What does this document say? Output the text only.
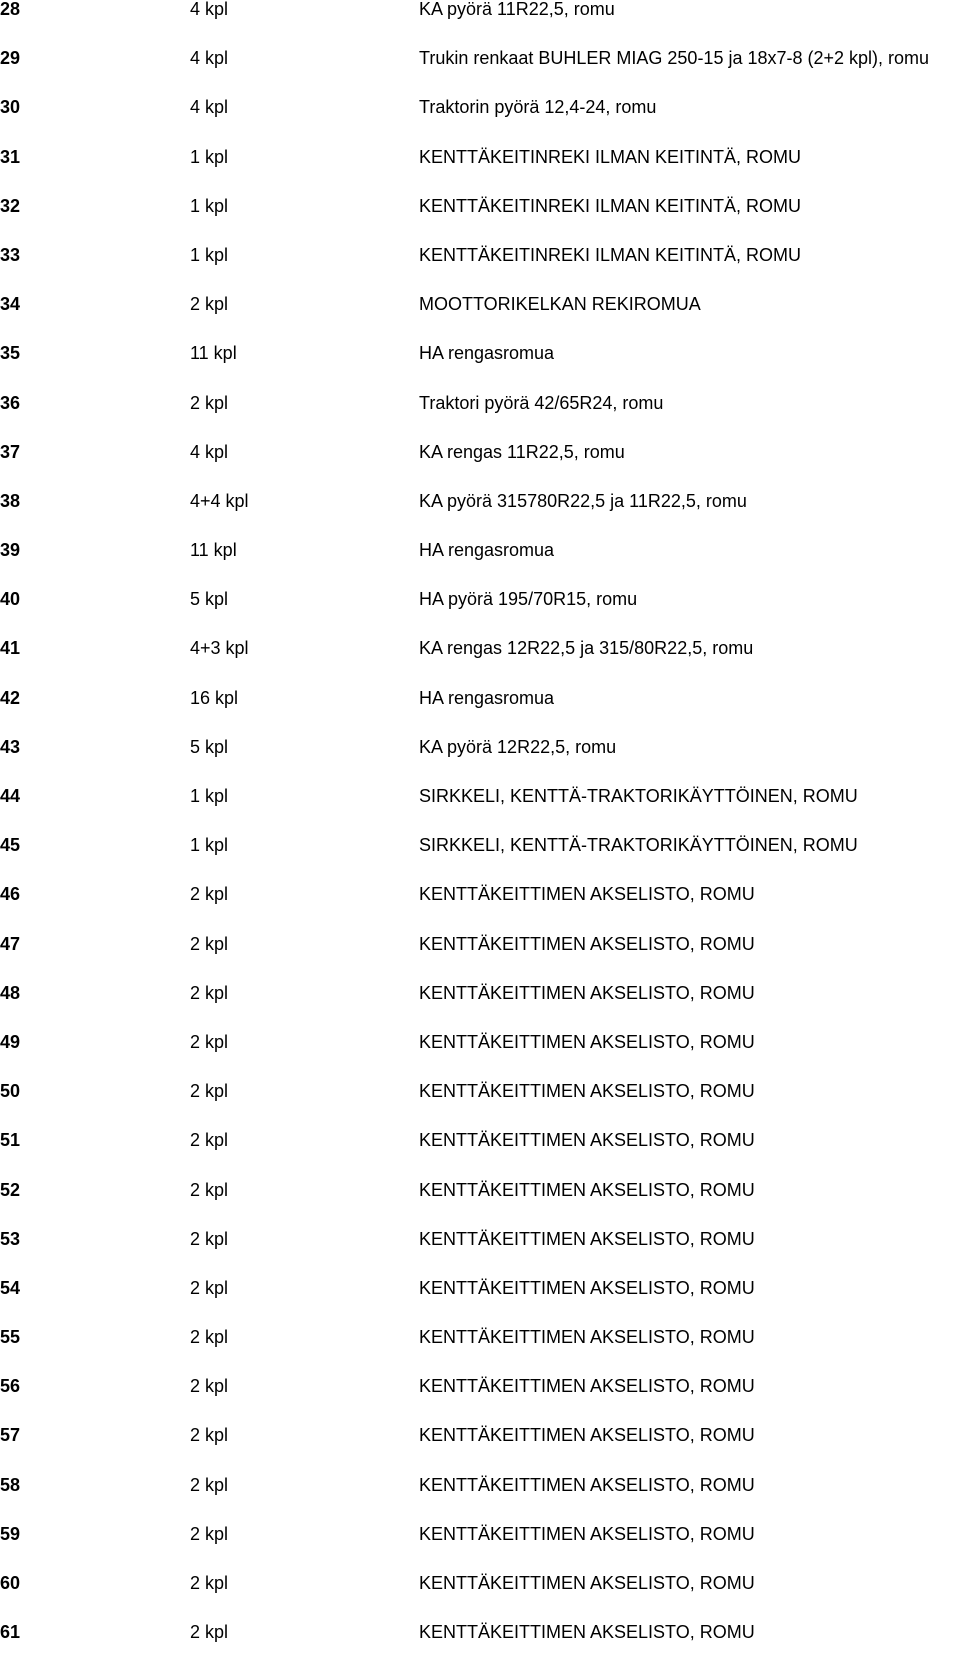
28	4 kpl	KA pyörä 11R22,5, romu
29	4 kpl	Trukin renkaat BUHLER MIAG 250-15 ja 18x7-8 (2+2 kpl), romu
30	4 kpl	Traktorin pyörä 12,4-24, romu
31	1 kpl	KENTTÄKEITINREKI ILMAN KEITINTÄ, ROMU
32	1 kpl	KENTTÄKEITINREKI ILMAN KEITINTÄ, ROMU
33	1 kpl	KENTTÄKEITINREKI ILMAN KEITINTÄ, ROMU
34	2 kpl	MOOTTORIKELKAN REKIROMUA
35	11 kpl	HA rengasromua
36	2 kpl	Traktori pyörä 42/65R24, romu
37	4 kpl	KA rengas 11R22,5, romu
38	4+4 kpl	KA pyörä 315780R22,5 ja 11R22,5, romu
39	11 kpl	HA rengasromua
40	5 kpl	HA pyörä 195/70R15, romu
41	4+3 kpl	KA rengas 12R22,5 ja 315/80R22,5, romu
42	16 kpl	HA rengasromua
43	5 kpl	KA pyörä 12R22,5, romu
44	1 kpl	SIRKKELI, KENTTÄ-TRAKTORIKÄYTTÖINEN, ROMU
45	1 kpl	SIRKKELI, KENTTÄ-TRAKTORIKÄYTTÖINEN, ROMU
46	2 kpl	KENTTÄKEITTIMEN AKSELISTO, ROMU
47	2 kpl	KENTTÄKEITTIMEN AKSELISTO, ROMU
48	2 kpl	KENTTÄKEITTIMEN AKSELISTO, ROMU
49	2 kpl	KENTTÄKEITTIMEN AKSELISTO, ROMU
50	2 kpl	KENTTÄKEITTIMEN AKSELISTO, ROMU
51	2 kpl	KENTTÄKEITTIMEN AKSELISTO, ROMU
52	2 kpl	KENTTÄKEITTIMEN AKSELISTO, ROMU
53	2 kpl	KENTTÄKEITTIMEN AKSELISTO, ROMU
54	2 kpl	KENTTÄKEITTIMEN AKSELISTO, ROMU
55	2 kpl	KENTTÄKEITTIMEN AKSELISTO, ROMU
56	2 kpl	KENTTÄKEITTIMEN AKSELISTO, ROMU
57	2 kpl	KENTTÄKEITTIMEN AKSELISTO, ROMU
58	2 kpl	KENTTÄKEITTIMEN AKSELISTO, ROMU
59	2 kpl	KENTTÄKEITTIMEN AKSELISTO, ROMU
60	2 kpl	KENTTÄKEITTIMEN AKSELISTO, ROMU
61	2 kpl	KENTTÄKEITTIMEN AKSELISTO, ROMU
